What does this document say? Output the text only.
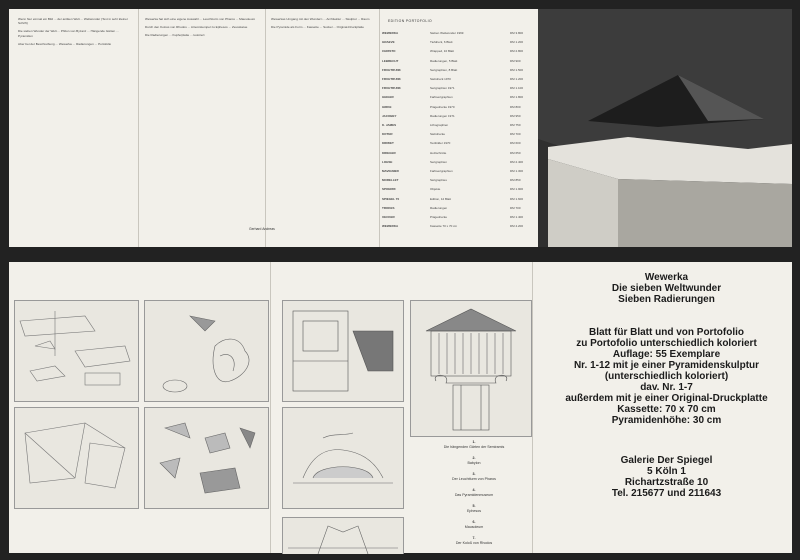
Wenn hier einmal ein Bild ... der antiken Welt ... Weltwunder (Text in sehr kleiner Schrift)

Die sieben Wunder der Welt ... Philon von Byzanz ... Hängende Gärten ... Pyramiden

Aber bei der Beschreibung ... Wewerka ... Radierungen ... Portofolio

Wewerka hat sich eine eigene Auswahl ... Leuchtturm von Pharos ... Mausoleum

Durch den Koloss von Rhodos ... Artemistempel zu Ephesos ... Zeusstatue

Die Radierungen ... Kupferplatte ... koloriert

Wewerkas Umgang mit den Wundern ... Architektur ... Skulptur ... Raum

Die Pyramide als Form ... Kassette ... Sockel ... Original-Druckplatte

Gerhard Andreas
EDITION PORTOFOLIO
WEWERKA	Sieben Weltwunder 1969	DM 3.800
GRAEVE	Tiefdruck, 6 Blatt	DM 1.200
CHRISTO	Wrapped, 10 Blatt	DM 2.800
LEBRECHT	Radierungen, 5 Blatt	DM 900
FRUHTRUNK	Serigraphien, 8 Blatt	DM 1.500
FRUHTRUNK	Siebdruck 1970	DM 1.200
FRUHTRUNK	Serigraphien 1971	DM 1.100
GEIGER	Farbserigraphien	DM 1.800
GIRKE	Prägedrucke 1970	DM 800
JACOBEY	Radierungen 1971	DM 950
K. JAMES	Lithographien	DM 750
KOTER	Siebdrucke	DM 700
KRIWET	Textbilder 1970	DM 600
KRIEGER	Holzschnitte	DM 650
LOHSE	Serigraphien	DM 2.400
MAVIGNIER	Farbserigraphien	DM 1.300
MORELLET	Sérigraphies	DM 850
SPOERRI	Objekte	DM 1.900
SPIEGEL 70	Edition, 12 Blatt	DM 1.600
TROKES	Radierungen	DM 700
UECKER	Prägedrucke	DM 1.400
WEWERKA	Kassette 70 x 70 cm	DM 4.200
1.
Die hängenden Gärten der Semiramis
2.
Babylon
3.
Der Leuchtturm von Pharos
4.
Das Pyramidenmuseum
5.
Ephesos
6.
Mausoleum
7.
Der Koloß von Rhodos
Wewerka
Die sieben Weltwunder
Sieben Radierungen
Blatt für Blatt und von Portofolio
zu Portofolio unterschiedlich koloriert
Auflage: 55 Exemplare
Nr. 1-12 mit je einer Pyramidenskulptur
(unterschiedlich koloriert)
dav. Nr. 1-7
außerdem mit je einer Original-Druckplatte
Kassette: 70 x 70 cm
Pyramidenhöhe: 30 cm
Galerie Der Spiegel
5 Köln 1
Richartzstraße 10
Tel. 215677 und 211643
